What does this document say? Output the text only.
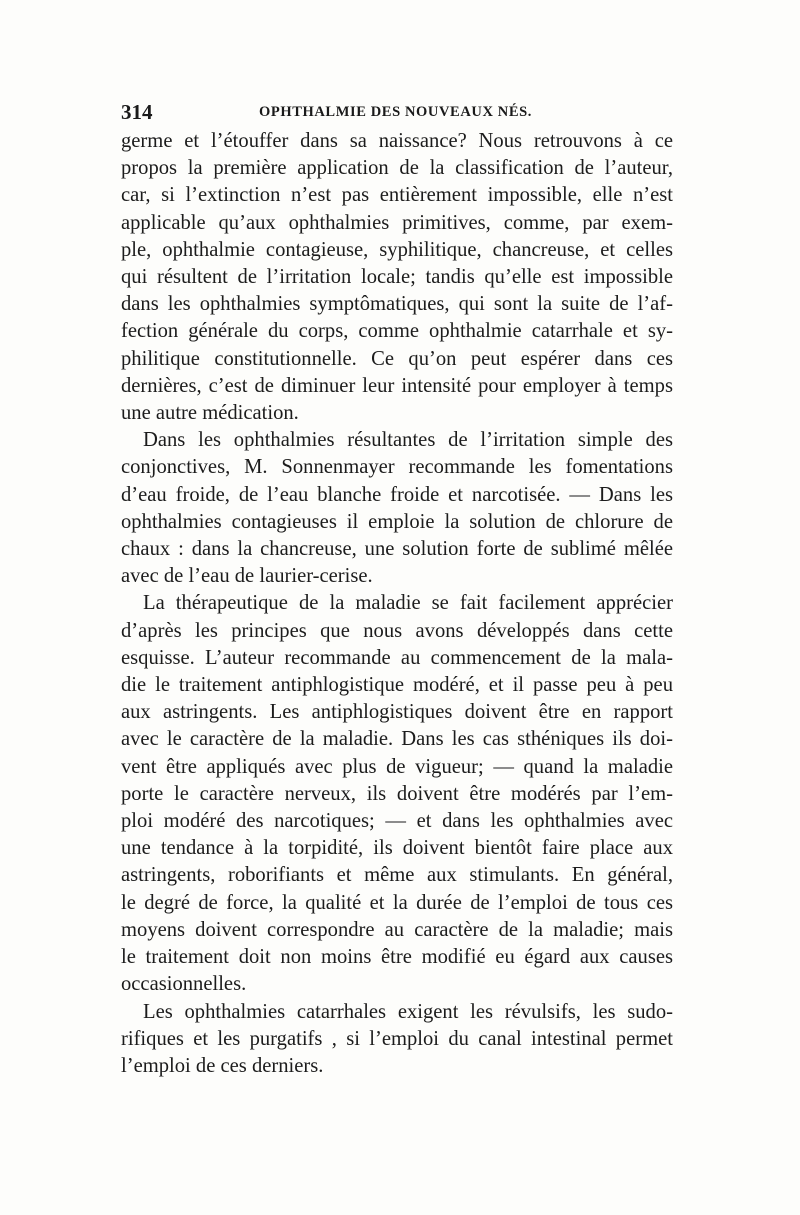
314	OPHTHALMIE DES NOUVEAUX NÉS.

germe et l’étouffer dans sa naissance? Nous retrouvons à ce
propos la première application de la classification de l’auteur,
car, si l’extinction n’est pas entièrement impossible, elle n’est
applicable qu’aux ophthalmies primitives, comme, par exem-
ple, ophthalmie contagieuse, syphilitique, chancreuse, et celles
qui résultent de l’irritation locale; tandis qu’elle est impossible
dans les ophthalmies symptômatiques, qui sont la suite de l’af-
fection générale du corps, comme ophthalmie catarrhale et sy-
philitique constitutionnelle. Ce qu’on peut espérer dans ces
dernières, c’est de diminuer leur intensité pour employer à temps
une autre médication.

Dans les ophthalmies résultantes de l’irritation simple des
conjonctives, M. Sonnenmayer recommande les fomentations
d’eau froide, de l’eau blanche froide et narcotisée. — Dans les
ophthalmies contagieuses il emploie la solution de chlorure de
chaux : dans la chancreuse, une solution forte de sublimé mêlée
avec de l’eau de laurier-cerise.

La thérapeutique de la maladie se fait facilement apprécier
d’après les principes que nous avons développés dans cette
esquisse. L’auteur recommande au commencement de la mala-
die le traitement antiphlogistique modéré, et il passe peu à peu
aux astringents. Les antiphlogistiques doivent être en rapport
avec le caractère de la maladie. Dans les cas sthéniques ils doi-
vent être appliqués avec plus de vigueur; — quand la maladie
porte le caractère nerveux, ils doivent être modérés par l’em-
ploi modéré des narcotiques; — et dans les ophthalmies avec
une tendance à la torpidité, ils doivent bientôt faire place aux
astringents, roborifiants et même aux stimulants. En général,
le degré de force, la qualité et la durée de l’emploi de tous ces
moyens doivent correspondre au caractère de la maladie; mais
le traitement doit non moins être modifié eu égard aux causes
occasionnelles.

Les ophthalmies catarrhales exigent les révulsifs, les sudo-
rifiques et les purgatifs , si l’emploi du canal intestinal permet
l’emploi de ces derniers.
